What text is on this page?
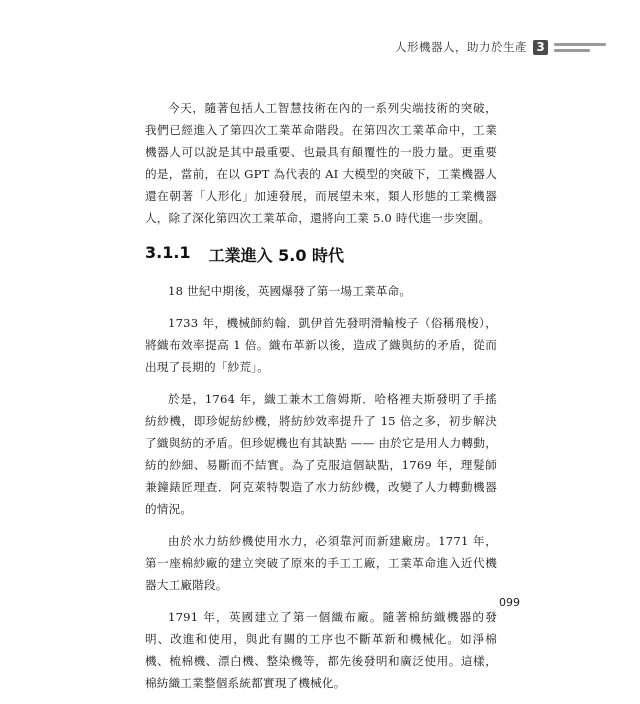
人形機器人，助力於生產 3

今天，隨著包括人工智慧技術在內的一系列尖端技術的突破，我們已經進入了第四次工業革命階段。在第四次工業革命中，工業機器人可以說是其中最重要、也最具有顛覆性的一股力量。更重要的是，當前，在以 GPT 為代表的 AI 大模型的突破下，工業機器人還在朝著「人形化」加速發展，而展望未來，類人形態的工業機器人，除了深化第四次工業革命，還將向工業 5.0 時代進一步突圍。

3.1.1 工業進入 5.0 時代

18 世紀中期後，英國爆發了第一場工業革命。

1733 年，機械師約翰．凱伊首先發明滑輪梭子（俗稱飛梭），將織布效率提高 1 倍。織布革新以後，造成了織與紡的矛盾，從而出現了長期的「紗荒」。

於是，1764 年，織工兼木工詹姆斯．哈格裡夫斯發明了手搖紡紗機，即珍妮紡紗機，將紡紗效率提升了 15 倍之多，初步解決了織與紡的矛盾。但珍妮機也有其缺點 —— 由於它是用人力轉動，紡的紗細、易斷而不結實。為了克服這個缺點，1769 年，理髮師兼鐘錶匠理查．阿克萊特製造了水力紡紗機，改變了人力轉動機器的情況。

由於水力紡紗機使用水力，必須靠河而新建廠房。1771 年，第一座棉紗廠的建立突破了原來的手工工廠，工業革命進入近代機器大工廠階段。

1791 年，英國建立了第一個織布廠。隨著棉紡織機器的發明、改進和使用，與此有關的工序也不斷革新和機械化。如淨棉機、梳棉機、漂白機、整染機等，都先後發明和廣泛使用。這樣，棉紡織工業整個系統都實現了機械化。

099
